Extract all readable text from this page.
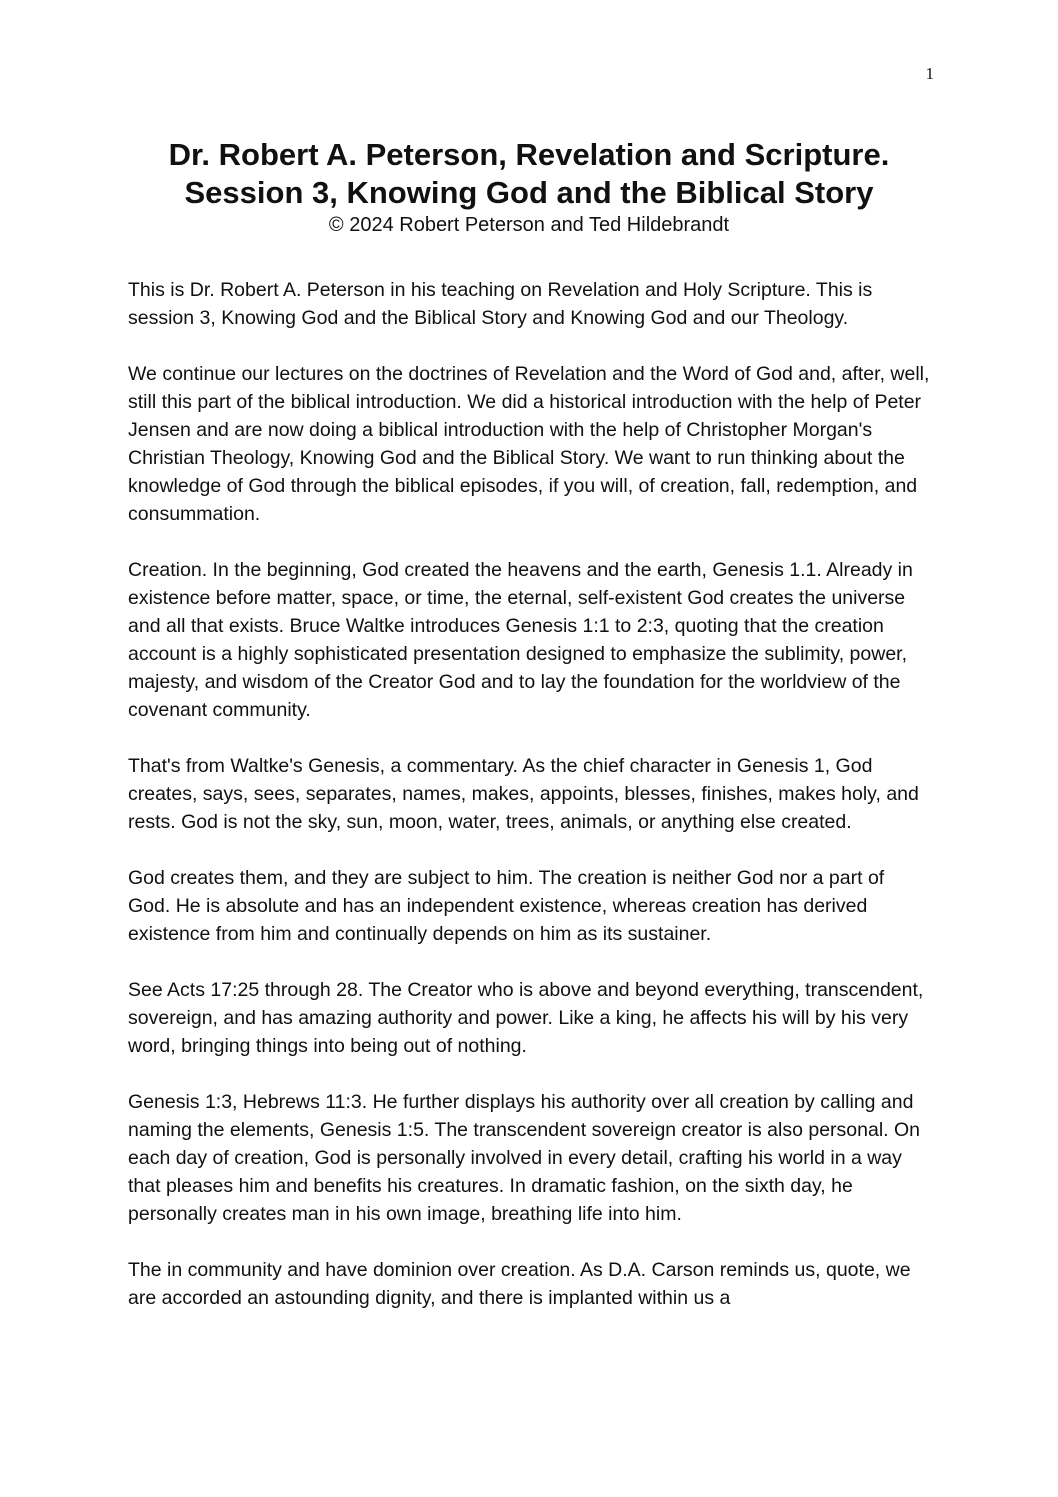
1
Dr. Robert A. Peterson, Revelation and Scripture.
Session 3, Knowing God and the Biblical Story
© 2024 Robert Peterson and Ted Hildebrandt

This is Dr. Robert A. Peterson in his teaching on Revelation and Holy Scripture. This is session 3, Knowing God and the Biblical Story and Knowing God and our Theology.

We continue our lectures on the doctrines of Revelation and the Word of God and, after, well, still this part of the biblical introduction. We did a historical introduction with the help of Peter Jensen and are now doing a biblical introduction with the help of Christopher Morgan's Christian Theology, Knowing God and the Biblical Story. We want to run thinking about the knowledge of God through the biblical episodes, if you will, of creation, fall, redemption, and consummation.

Creation. In the beginning, God created the heavens and the earth, Genesis 1.1. Already in existence before matter, space, or time, the eternal, self-existent God creates the universe and all that exists. Bruce Waltke introduces Genesis 1:1 to 2:3, quoting that the creation account is a highly sophisticated presentation designed to emphasize the sublimity, power, majesty, and wisdom of the Creator God and to lay the foundation for the worldview of the covenant community.

That's from Waltke's Genesis, a commentary. As the chief character in Genesis 1, God creates, says, sees, separates, names, makes, appoints, blesses, finishes, makes holy, and rests. God is not the sky, sun, moon, water, trees, animals, or anything else created.

God creates them, and they are subject to him. The creation is neither God nor a part of God. He is absolute and has an independent existence, whereas creation has derived existence from him and continually depends on him as its sustainer.

See Acts 17:25 through 28. The Creator who is above and beyond everything, transcendent, sovereign, and has amazing authority and power. Like a king, he affects his will by his very word, bringing things into being out of nothing.

Genesis 1:3, Hebrews 11:3. He further displays his authority over all creation by calling and naming the elements, Genesis 1:5. The transcendent sovereign creator is also personal. On each day of creation, God is personally involved in every detail, crafting his world in a way that pleases him and benefits his creatures. In dramatic fashion, on the sixth day, he personally creates man in his own image, breathing life into him.

The in community and have dominion over creation. As D.A. Carson reminds us, quote, we are accorded an astounding dignity, and there is implanted within us a
